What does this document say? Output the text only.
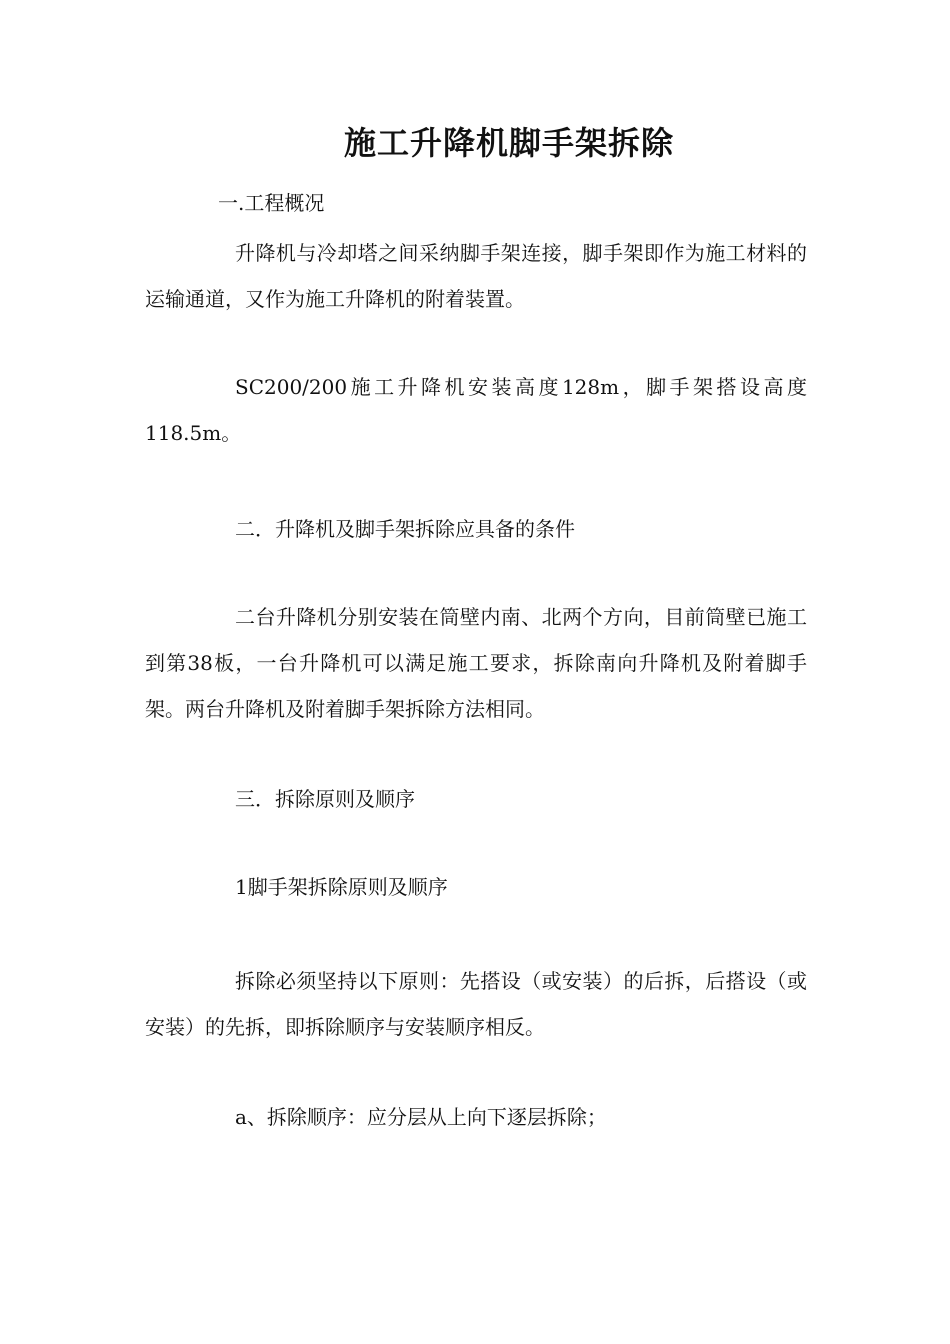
施工升降机脚手架拆除

一.工程概况

升降机与冷却塔之间采纳脚手架连接，脚手架即作为施工材料的运输通道，又作为施工升降机的附着装置。

SC200/200施工升降机安装高度128m，脚手架搭设高度118.5m。

二．升降机及脚手架拆除应具备的条件

二台升降机分别安装在筒壁内南、北两个方向，目前筒壁已施工到第38板，一台升降机可以满足施工要求，拆除南向升降机及附着脚手架。两台升降机及附着脚手架拆除方法相同。

三．拆除原则及顺序

1脚手架拆除原则及顺序

拆除必须坚持以下原则：先搭设（或安装）的后拆，后搭设（或安装）的先拆，即拆除顺序与安装顺序相反。

a、拆除顺序：应分层从上向下逐层拆除；
